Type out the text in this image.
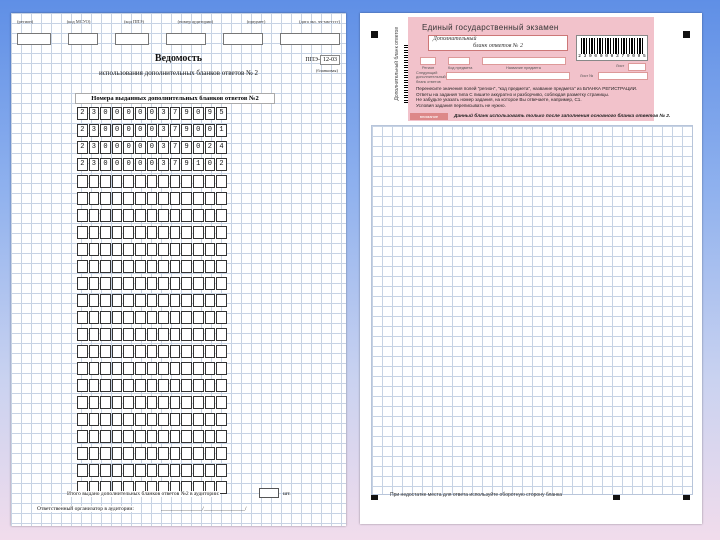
(регион)	(код МСУО)	(код ППЭ)	(номер аудитории)	(предмет)	(дата экз. чч-мм-гггг)
Ведомость
использования дополнительных бланков ответов № 2
ППЭ- 12-03
(бланковая)
Номера выданных дополнительных бланков ответов №2
2	3	0	0	0	0	0	3	7	9	0	9	5
2	3	0	0	0	0	0	3	7	9	0	0	1
2	3	0	0	0	0	0	3	7	9	0	2	4
2	3	0	0	0	0	0	3	7	9	1	0	2
Итого выдано дополнительных бланков ответов №2 в аудитории:	шт.
Ответственный организатор в аудитории:	_______________/_______________/
Дополнительный бланк ответов	Единый государственный экзамен
Дополнительный
бланк ответов № 2
2 3 0 0 0 0 0 3 7 9 0 9 5
Регион	Код предмета	Название предмета	Лист
Следующий дополнительный бланк ответов
Лист №
Перенесите значения полей "регион", "код предмета", название предмета" из БЛАНКА РЕГИСТРАЦИИ.
Ответы на задания типа С пишите аккуратно и разборчиво, соблюдая разметку страницы.
Не забудьте указать номер задания, на которое Вы отвечаете, например, С1.
Условия задания переписывать не нужно.
внимание	Данный бланк использовать только после заполнения основного бланка ответов № 2.
При недостатке места для ответа используйте оборотную сторону бланка
